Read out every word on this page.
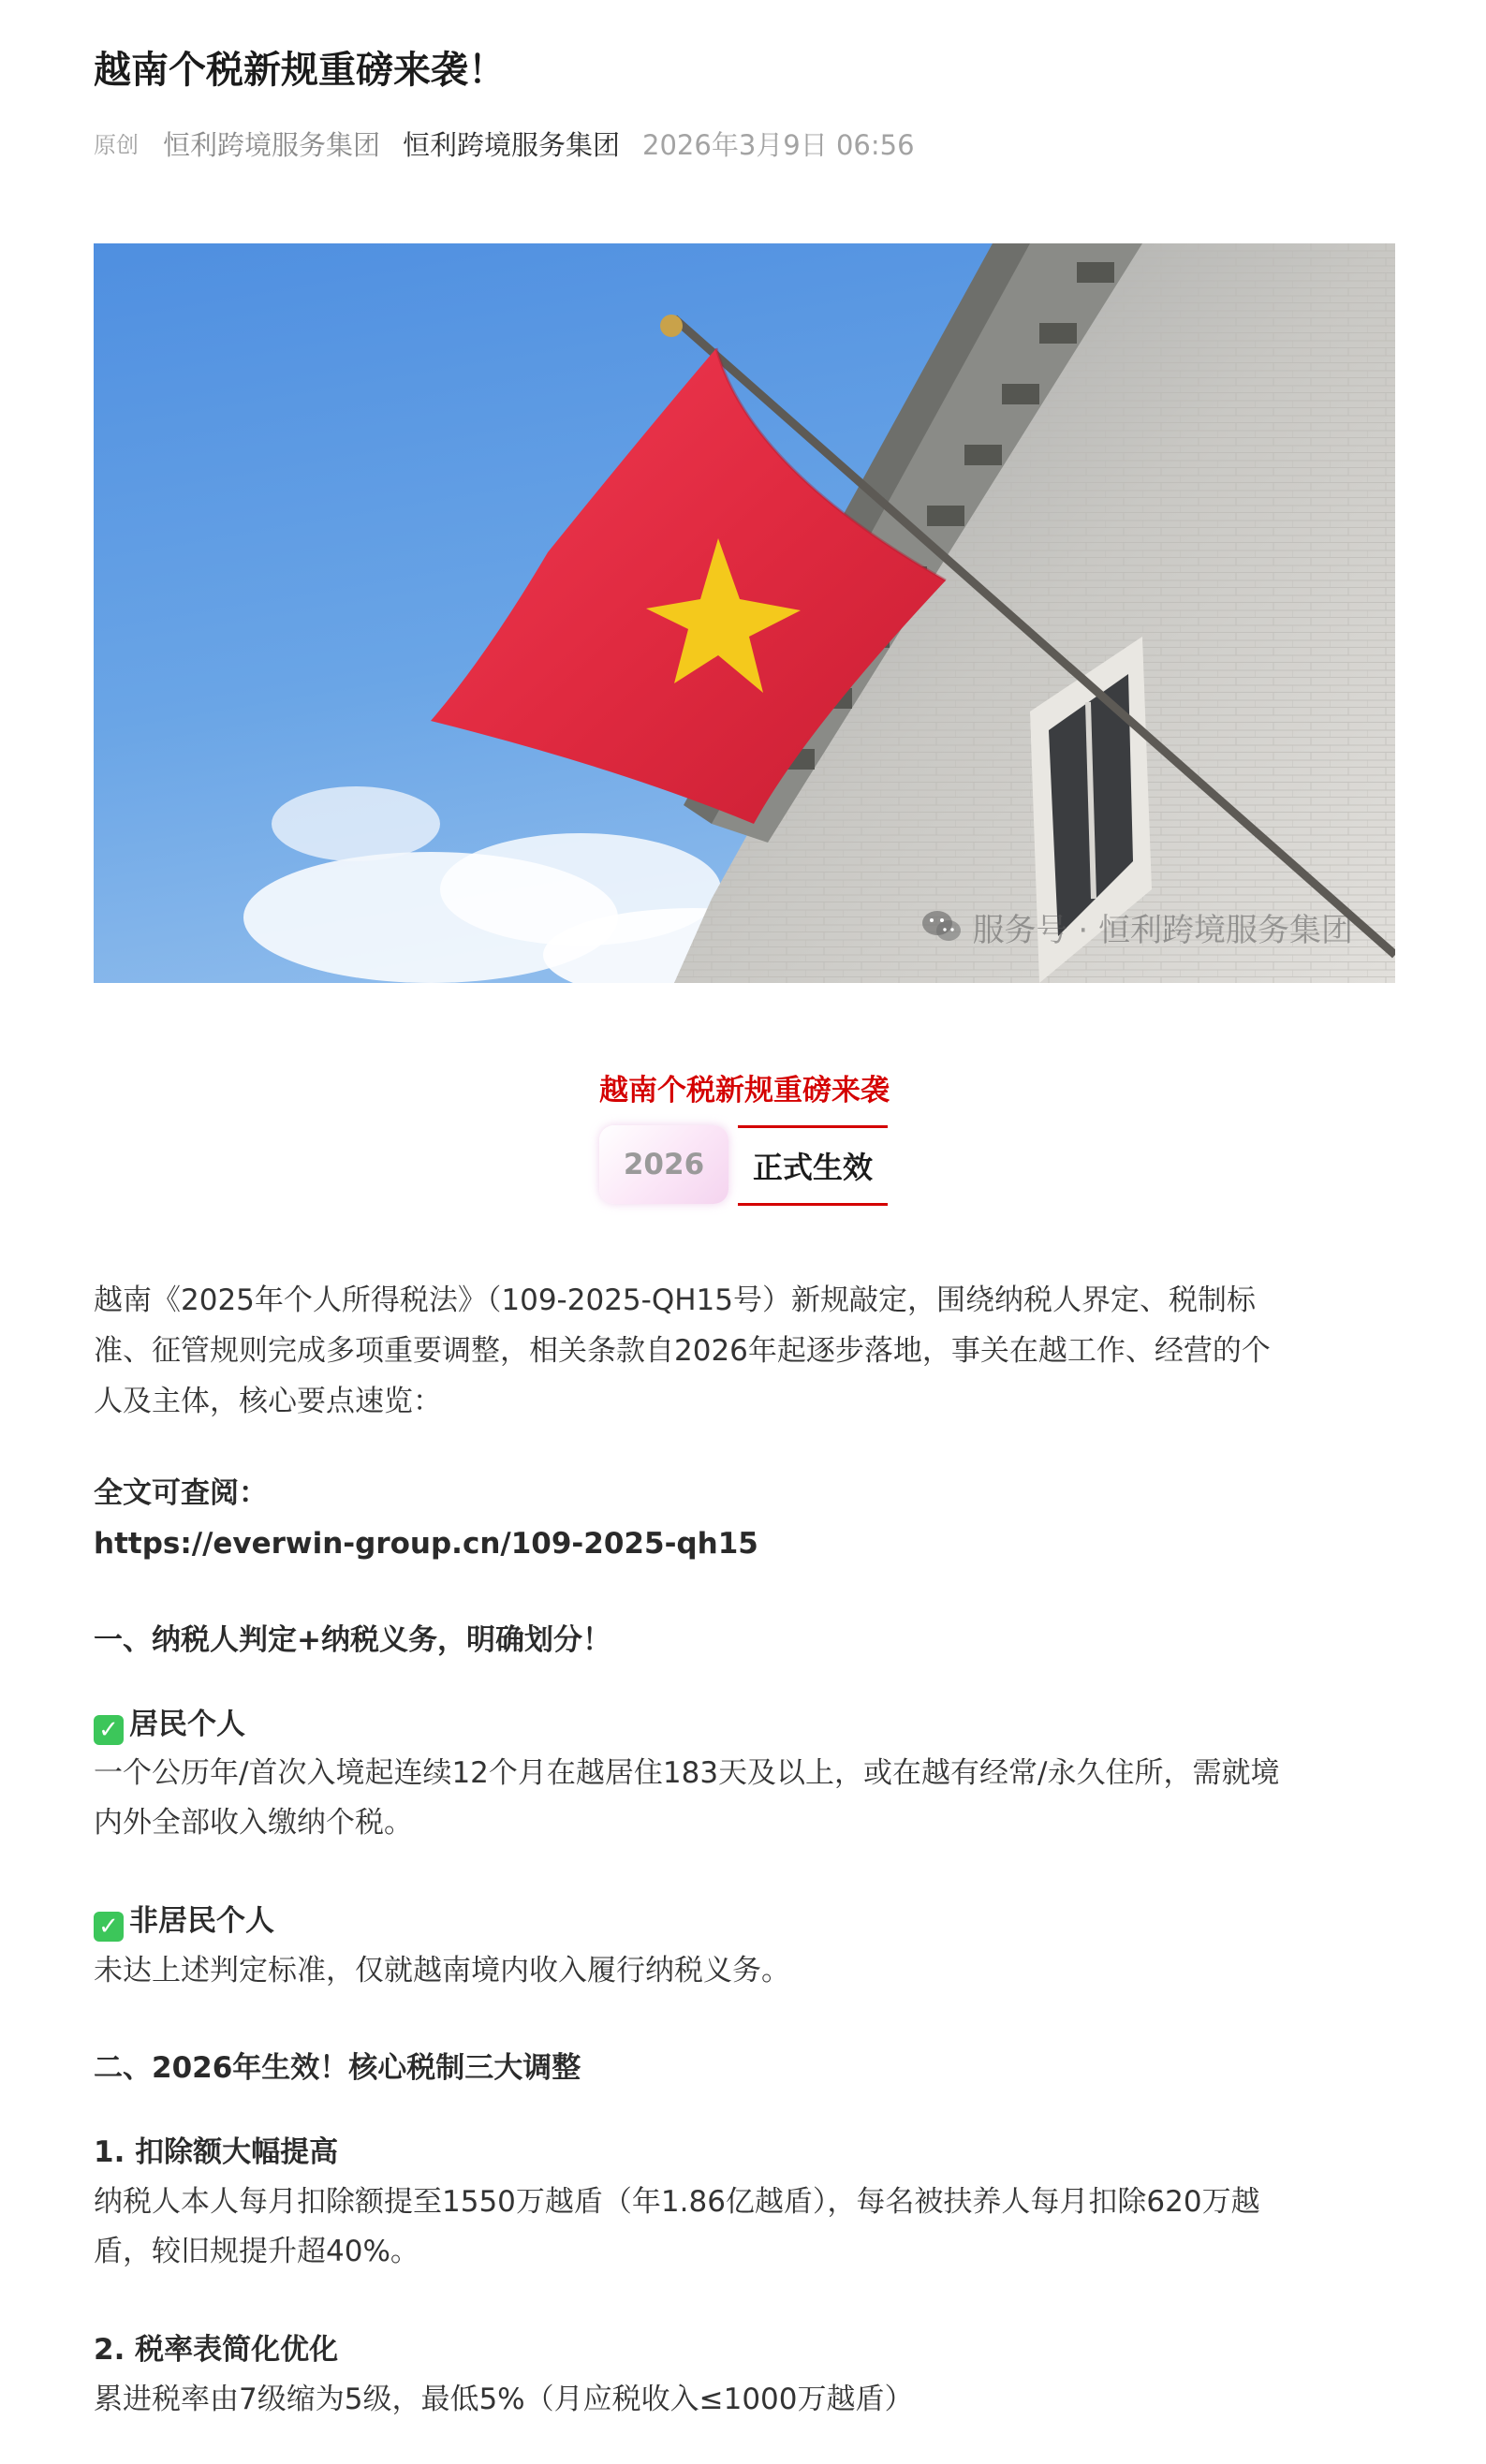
越南个税新规重磅来袭！
原创 恒利跨境服务集团 恒利跨境服务集团 2026年3月9日 06:56
服务号 · 恒利跨境服务集团
越南个税新规重磅来袭
2026	正式生效
越南《2025年个人所得税法》（109-2025-QH15号）新规敲定，围绕纳税人界定、税制标
准、征管规则完成多项重要调整，相关条款自2026年起逐步落地，事关在越工作、经营的个
人及主体，核心要点速览：
全文可查阅：
https://everwin-group.cn/109-2025-qh15
一、纳税人判定+纳税义务，明确划分！
✓ 居民个人
一个公历年/首次入境起连续12个月在越居住183天及以上，或在越有经常/永久住所，需就境
内外全部收入缴纳个税。
✓ 非居民个人
未达上述判定标准，仅就越南境内收入履行纳税义务。
二、2026年生效！核心税制三大调整
1. 扣除额大幅提高
纳税人本人每月扣除额提至1550万越盾（年1.86亿越盾），每名被扶养人每月扣除620万越
盾，较旧规提升超40%。
2. 税率表简化优化
累进税率由7级缩为5级，最低5%（月应税收入≤1000万越盾）
